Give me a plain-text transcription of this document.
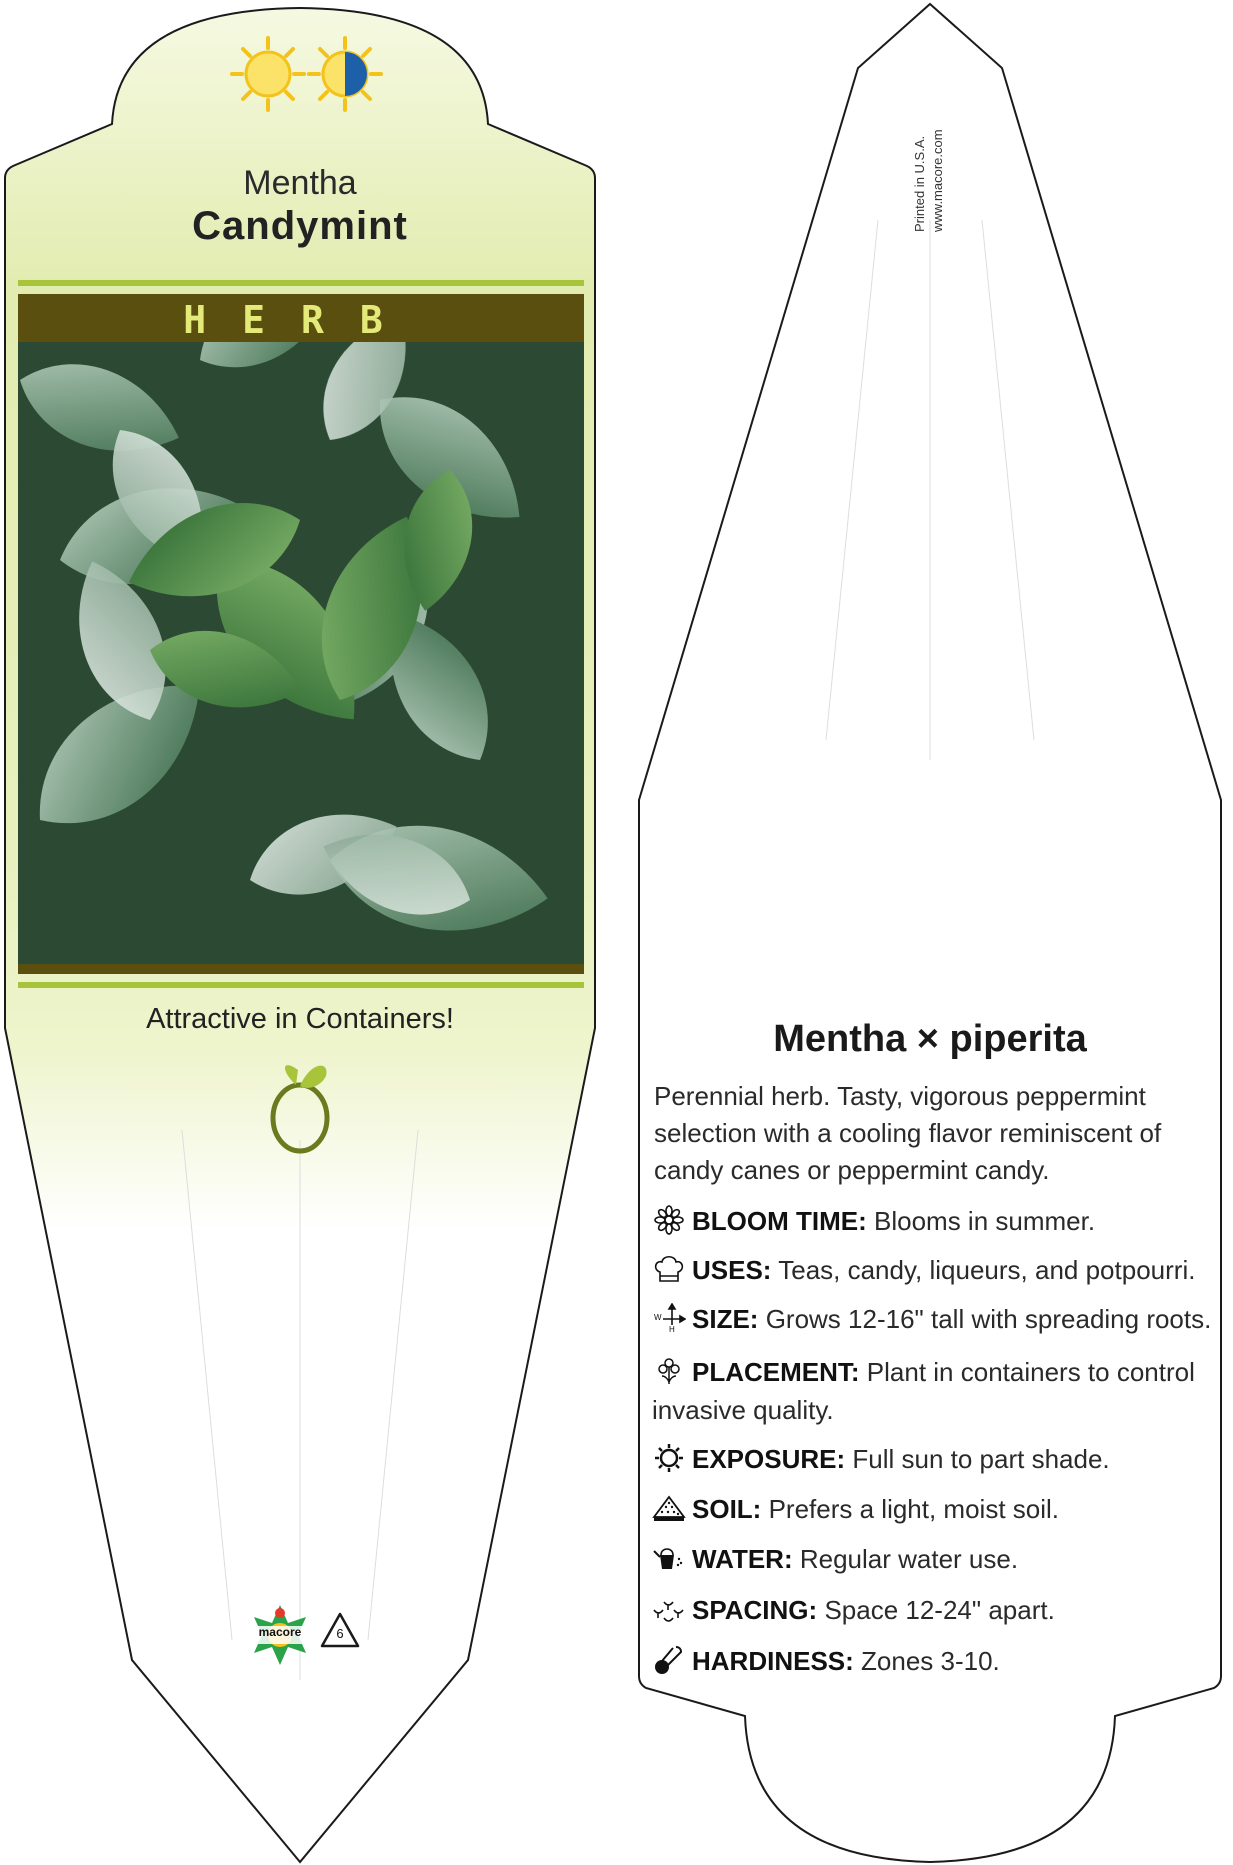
Mentha
Candymint
HERB
Attractive in Containers!
macore	6
Printed in U.S.A. www.macore.com
Mentha × piperita
Perennial herb. Tasty, vigorous peppermint selection with a cooling flavor reminiscent of candy canes or peppermint candy.
BLOOM TIME: Blooms in summer.
USES: Teas, candy, liqueurs, and potpourri.
W
H SIZE: Grows 12-16" tall with spreading roots.
PLACEMENT: Plant in containers to control invasive quality.
EXPOSURE: Full sun to part shade.
SOIL: Prefers a light, moist soil.
WATER: Regular water use.
SPACING: Space 12-24" apart.
HARDINESS: Zones 3-10.
